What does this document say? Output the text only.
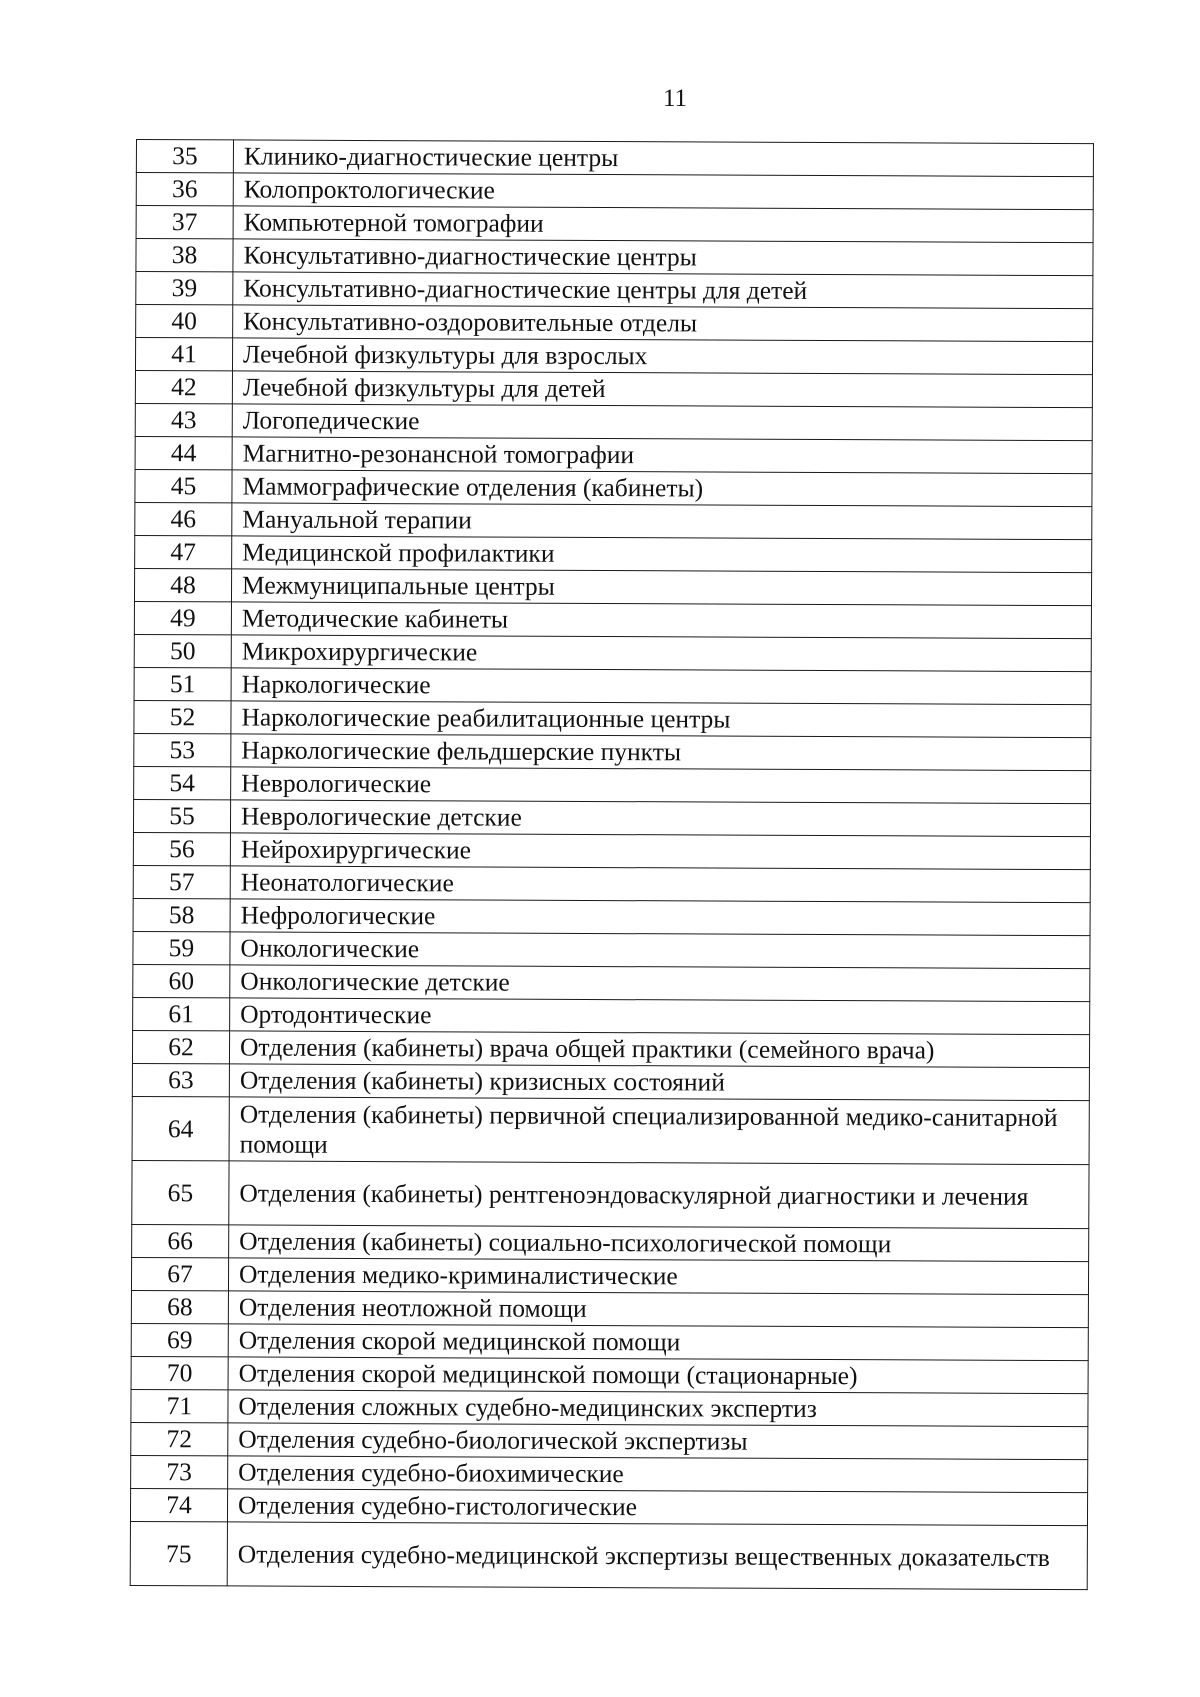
11
35	Клинико-диагностические центры
36	Колопроктологические
37	Компьютерной томографии
38	Консультативно-диагностические центры
39	Консультативно-диагностические центры для детей
40	Консультативно-оздоровительные отделы
41	Лечебной физкультуры для взрослых
42	Лечебной физкультуры для детей
43	Логопедические
44	Магнитно-резонансной томографии
45	Маммографические отделения (кабинеты)
46	Мануальной терапии
47	Медицинской профилактики
48	Межмуниципальные центры
49	Методические кабинеты
50	Микрохирургические
51	Наркологические
52	Наркологические реабилитационные центры
53	Наркологические фельдшерские пункты
54	Неврологические
55	Неврологические детские
56	Нейрохирургические
57	Неонатологические
58	Нефрологические
59	Онкологические
60	Онкологические детские
61	Ортодонтические
62	Отделения (кабинеты) врача общей практики (семейного врача)
63	Отделения (кабинеты) кризисных состояний
64	Отделения (кабинеты) первичной специализированной медико-санитарной помощи
65	Отделения (кабинеты) рентгеноэндоваскулярной диагностики и лечения
66	Отделения (кабинеты) социально-психологической помощи
67	Отделения медико-криминалистические
68	Отделения неотложной помощи
69	Отделения скорой медицинской помощи
70	Отделения скорой медицинской помощи (стационарные)
71	Отделения сложных судебно-медицинских экспертиз
72	Отделения судебно-биологической экспертизы
73	Отделения судебно-биохимические
74	Отделения судебно-гистологические
75	Отделения судебно-медицинской экспертизы вещественных доказательств
